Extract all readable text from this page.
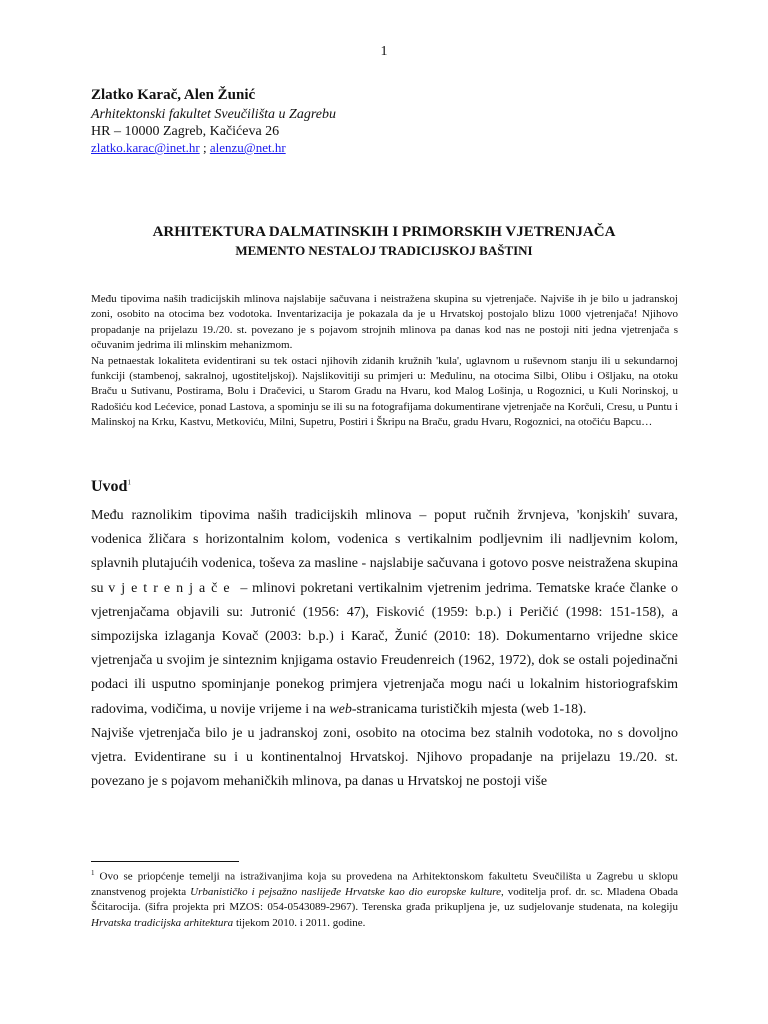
1
Zlatko Karač, Alen Žunić
Arhitektonski fakultet Sveučilišta u Zagrebu
HR – 10000 Zagreb, Kačićeva 26
zlatko.karac@inet.hr ; alenzu@net.hr
ARHITEKTURA DALMATINSKIH I PRIMORSKIH VJETRENJAČA
MEMENTO NESTALOJ TRADICIJSKOJ BAŠTINI

Među tipovima naših tradicijskih mlinova najslabije sačuvana i neistražena skupina su vjetrenjače. Najviše ih je bilo u jadranskoj zoni, osobito na otocima bez vodotoka. Inventarizacija je pokazala da je u Hrvatskoj postojalo blizu 1000 vjetrenjača! Njihovo propadanje na prijelazu 19./20. st. povezano je s pojavom strojnih mlinova pa danas kod nas ne postoji niti jedna vjetrenjača s očuvanim jedrima ili mlinskim mehanizmom.

Na petnaestak lokaliteta evidentirani su tek ostaci njihovih zidanih kružnih 'kula', uglavnom u ruševnom stanju ili u sekundarnoj funkciji (stambenoj, sakralnoj, ugostiteljskoj). Najslikovitiji su primjeri u: Međulinu, na otocima Silbi, Olibu i Ošljaku, na otoku Braču u Sutivanu, Postirama, Bolu i Dračevici, u Starom Gradu na Hvaru, kod Malog Lošinja, u Rogoznici, u Kuli Norinskoj, u Radošiću kod Lećevice, ponad Lastova, a spominju se ili su na fotografijama dokumentirane vjetrenjače na Korčuli, Cresu, u Puntu i Malinskoj na Krku, Kastvu, Metkoviću, Milni, Supetru, Postiri i Škripu na Braču, gradu Hvaru, Rogoznici, na otočiću Bapcu…

Uvod$^1$

Među raznolikim tipovima naših tradicijskih mlinova – poput ručnih žrvnjeva, 'konjskih' suvara, vodenica žličara s horizontalnim kolom, vodenica s vertikalnim podljevnim ili nadljevnim kolom, splavnih plutajućih vodenica, toševa za masline - najslabije sačuvana i gotovo posve neistražena skupina su vjetrenjače – mlinovi pokretani vertikalnim vjetrenim jedrima. Tematske kraće članke o vjetrenjačama objavili su: Jutronić (1956: 47), Fisković (1959: b.p.) i Peričić (1998: 151-158), a simpozijska izlaganja Kovač (2003: b.p.) i Karač, Žunić (2010: 18). Dokumentarno vrijedne skice vjetrenjača u svojim je sinteznim knjigama ostavio Freudenreich (1962, 1972), dok se ostali pojedinačni podaci ili usputno spominjanje ponekog primjera vjetrenjača mogu naći u lokalnim historiografskim radovima, vodičima, u novije vrijeme i na web-stranicama turističkih mjesta (web 1-18).

Najviše vjetrenjača bilo je u jadranskoj zoni, osobito na otocima bez stalnih vodotoka, no s dovoljno vjetra. Evidentirane su i u kontinentalnoj Hrvatskoj. Njihovo propadanje na prijelazu 19./20. st. povezano je s pojavom mehaničkih mlinova, pa danas u Hrvatskoj ne postoji više

$^1$ Ovo se priopćenje temelji na istraživanjima koja su provedena na Arhitektonskom fakultetu Sveučilišta u Zagrebu u sklopu znanstvenog projekta Urbanističko i pejsažno naslijeđe Hrvatske kao dio europske kulture, voditelja prof. dr. sc. Mladena Obada Šćitarocija. (šifra projekta pri MZOS: 054-0543089-2967). Terenska građa prikupljena je, uz sudjelovanje studenata, na kolegiju Hrvatska tradicijska arhitektura tijekom 2010. i 2011. godine.
